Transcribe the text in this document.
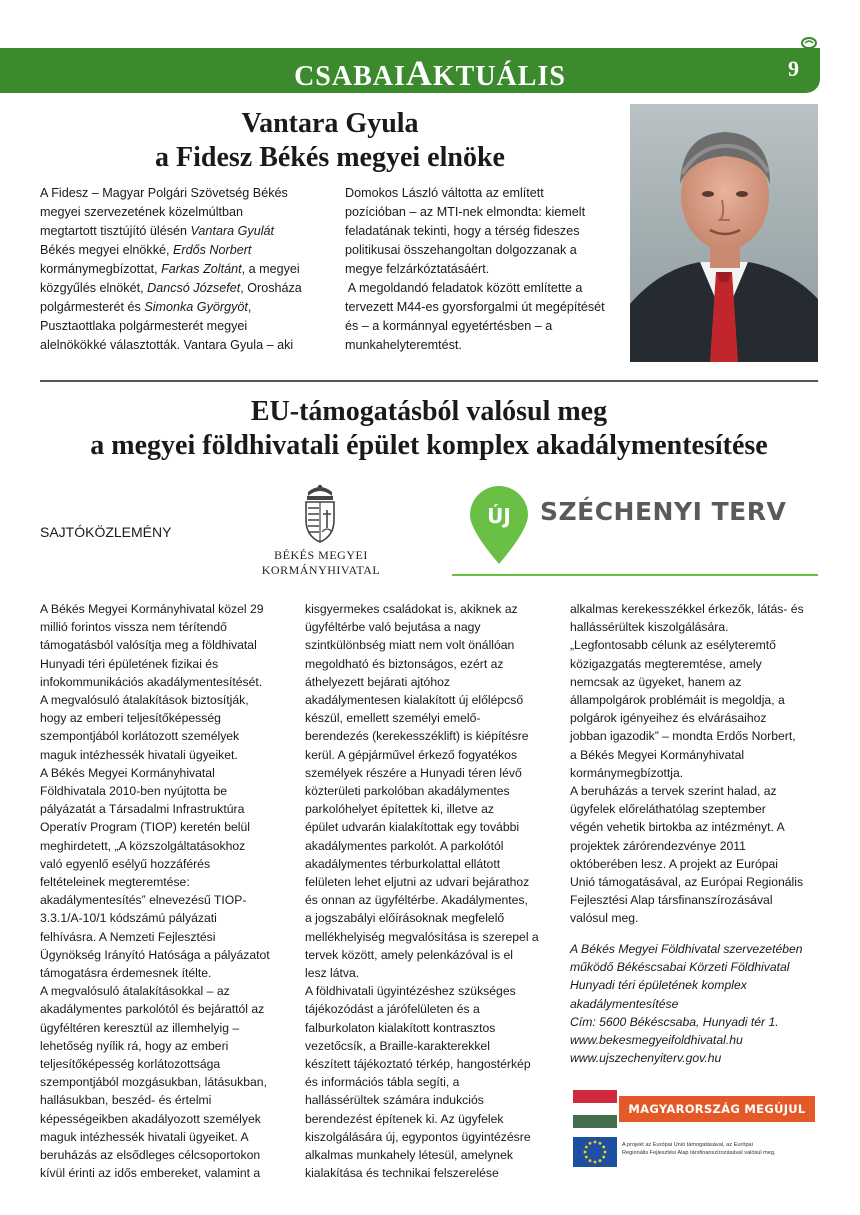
CSABAIAKTUÁLIS	9
Vantara Gyula
a Fidesz Békés megyei elnöke
A Fidesz – Magyar Polgári Szövetség Békés
megyei szervezetének közelmúltban
megtartott tisztújító ülésén Vantara Gyulát
Békés megyei elnökké, Erdős Norbert
kormánymegbízottat, Farkas Zoltánt, a megyei
közgyűlés elnökét, Dancsó Józsefet, Orosháza
polgármesterét és Simonka Györgyöt,
Pusztaottlaka polgármesterét megyei
alelnökökké választották. Vantara Gyula – aki
Domokos László váltotta az említett
pozícióban – az MTI-nek elmondta: kiemelt
feladatának tekinti, hogy a térség fideszes
politikusai összehangoltan dolgozzanak a
megye felzárkóztatásáért.
A megoldandó feladatok között említette a
tervezett M44-es gyorsforgalmi út megépítését
és – a kormánnyal egyetértésben – a
munkahelyteremtést.
EU-támogatásból valósul meg
a megyei földhivatali épület komplex akadálymentesítése
SAJTÓKÖZLEMÉNY
BÉKÉS MEGYEI
KORMÁNYHIVATAL
ÚJ SZÉCHENYI TERV
A Békés Megyei Kormányhivatal közel 29
millió forintos vissza nem térítendő
támogatásból valósítja meg a földhivatal
Hunyadi téri épületének fizikai és
infokommunikációs akadálymentesítését.
A megvalósuló átalakítások biztosítják,
hogy az emberi teljesítőképesség
szempontjából korlátozott személyek
maguk intézhessék hivatali ügyeiket.
A Békés Megyei Kormányhivatal
Földhivatala 2010-ben nyújtotta be
pályázatát a Társadalmi Infrastruktúra
Operatív Program (TIOP) keretén belül
meghirdetett, „A közszolgáltatásokhoz
való egyenlő esélyű hozzáférés
feltételeinek megteremtése:
akadálymentesítés” elnevezésű TIOP-
3.3.1/A-10/1 kódszámú pályázati
felhívásra. A Nemzeti Fejlesztési
Ügynökség Irányító Hatósága a pályázatot
támogatásra érdemesnek ítélte.
A megvalósuló átalakításokkal – az
akadálymentes parkolótól és bejárattól az
ügyféltéren keresztül az illemhelyig –
lehetőség nyílik rá, hogy az emberi
teljesítőképesség korlátozottsága
szempontjából mozgásukban, látásukban,
hallásukban, beszéd- és értelmi
képességeikben akadályozott személyek
maguk intézhessék hivatali ügyeiket. A
beruházás az elsődleges célcsoportokon
kívül érinti az idős embereket, valamint a
kisgyermekes családokat is, akiknek az
ügyféltérbe való bejutása a nagy
szintkülönbség miatt nem volt önállóan
megoldható és biztonságos, ezért az
áthelyezett bejárati ajtóhoz
akadálymentesen kialakított új előlépcső
készül, emellett személyi emelő-
berendezés (kerekesszéklift) is kiépítésre
kerül. A gépjárművel érkező fogyatékos
személyek részére a Hunyadi téren lévő
közterületi parkolóban akadálymentes
parkolóhelyet építettek ki, illetve az
épület udvarán kialakítottak egy további
akadálymentes parkolót. A parkolótól
akadálymentes térburkolattal ellátott
felületen lehet eljutni az udvari bejárathoz
és onnan az ügyféltérbe. Akadálymentes,
a jogszabályi előírásoknak megfelelő
mellékhelyiség megvalósítása is szerepel a
tervek között, amely pelenkázóval is el
lesz látva.
A földhivatali ügyintézéshez szükséges
tájékozódást a járófelületen és a
falburkolaton kialakított kontrasztos
vezetőcsík, a Braille-karakterekkel
készített tájékoztató térkép, hangostérkép
és információs tábla segíti, a
hallássérültek számára indukciós
berendezést építenek ki. Az ügyfelek
kiszolgálására új, egypontos ügyintézésre
alkalmas munkahely létesül, amelynek
kialakítása és technikai felszerelése
alkalmas kerekesszékkel érkezők, látás- és
hallássérültek kiszolgálására.
„Legfontosabb célunk az esélyteremtő
közigazgatás megteremtése, amely
nemcsak az ügyeket, hanem az
állampolgárok problémáit is megoldja, a
polgárok igényeihez és elvárásaihoz
jobban igazodik” – mondta Erdős Norbert,
a Békés Megyei Kormányhivatal
kormánymegbízottja.
A beruházás a tervek szerint halad, az
ügyfelek előreláthatólag szeptember
végén vehetik birtokba az intézményt. A
projektek zárórendezvénye 2011
októberében lesz. A projekt az Európai
Unió támogatásával, az Európai Regionális
Fejlesztési Alap társfinanszírozásával
valósul meg.
A Békés Megyei Földhivatal szervezetében
működő Békéscsabai Körzeti Földhivatal
Hunyadi téri épületének komplex
akadálymentesítése
Cím: 5600 Békéscsaba, Hunyadi tér 1.
www.bekesmegyeifoldhivatal.hu
www.ujszechenyiterv.gov.hu
MAGYARORSZÁG MEGÚJUL
A projekt az Európai Unió támogatásával, az Európai
Regionális Fejlesztési Alap társfinanszírozásával valósul meg.
